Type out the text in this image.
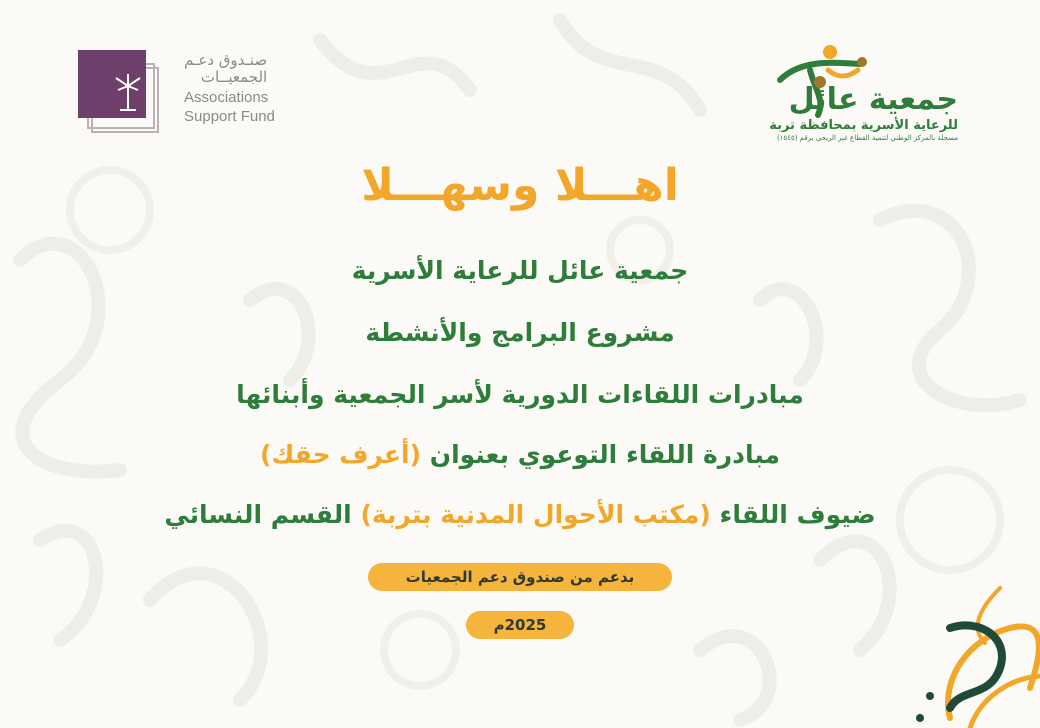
صنـدوق دعـم
الجمعيــات
Associations
Support Fund	جمعية عائل
للرعاية الأسرية بمحافظة تربة
مسجلة بالمركز الوطني لتنمية القطاع غير الربحي برقم (١٥٤٥)
اهـــلا وسهـــلا
جمعية عائل للرعاية الأسرية
مشروع البرامج والأنشطة
مبادرات اللقاءات الدورية لأسر الجمعية وأبنائها
مبادرة اللقاء التوعوي بعنوان (أعرف حقك)
ضيوف اللقاء (مكتب الأحوال المدنية بتربة) القسم النسائي
بدعم من صندوق دعم الجمعيات
2025م
